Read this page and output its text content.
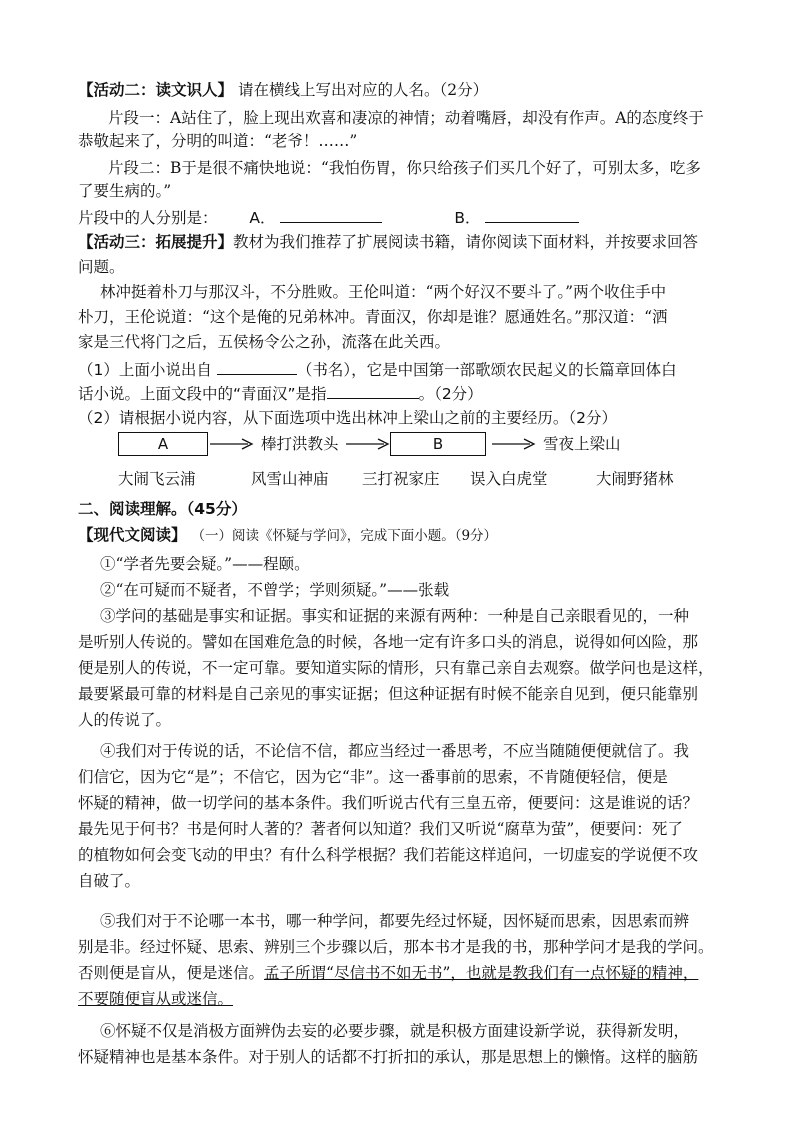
【活动二：读文识人】 请在横线上写出对应的人名。（2分）
片段一：A站住了，脸上现出欢喜和凄凉的神情；动着嘴唇，却没有作声。A的态度终于
恭敬起来了，分明的叫道：“老爷！……”
片段二：B于是很不痛快地说：“我怕伤胃，你只给孩子们买几个好了，可别太多，吃多
了要生病的。”
片段中的人分别是： A．	B．
【活动三：拓展提升】教材为我们推荐了扩展阅读书籍，请你阅读下面材料，并按要求回答
问题。
林冲挺着朴刀与那汉斗，不分胜败。王伦叫道：“两个好汉不要斗了。”两个收住手中
朴刀，王伦说道：“这个是俺的兄弟林冲。青面汉，你却是谁？愿通姓名。”那汉道：“洒
家是三代将门之后，五侯杨令公之孙，流落在此关西。
（1）上面小说出自	（书名），它是中国第一部歌颂农民起义的长篇章回体白
话小说。上面文段中的“青面汉”是指	。（2分）
（2）请根据小说内容，从下面选项中选出林冲上梁山之前的主要经历。（2分）
A	棒打洪教头	B	雪夜上梁山
大闹飞云浦	风雪山神庙 三打祝家庄 误入白虎堂	大闹野猪林
二、阅读理解。（45分）
【现代文阅读】 （一）阅读《怀疑与学问》，完成下面小题。（9分）
①“学者先要会疑。”——程颐。
②“在可疑而不疑者，不曾学；学则须疑。”——张载
③学问的基础是事实和证据。事实和证据的来源有两种：一种是自己亲眼看见的，一种
是听别人传说的。譬如在国难危急的时候，各地一定有许多口头的消息，说得如何凶险，那
便是别人的传说，不一定可靠。要知道实际的情形，只有靠己亲自去观察。做学问也是这样，
最要紧最可靠的材料是自己亲见的事实证据；但这种证据有时候不能亲自见到，便只能靠别
人的传说了。
④我们对于传说的话，不论信不信，都应当经过一番思考，不应当随随便便就信了。我
们信它，因为它“是”；不信它，因为它“非”。这一番事前的思索，不肯随便轻信，便是
怀疑的精神，做一切学问的基本条件。我们听说古代有三皇五帝，便要问：这是谁说的话？
最先见于何书？书是何时人著的？著者何以知道？我们又听说“腐草为萤”，便要问：死了
的植物如何会变飞动的甲虫？有什么科学根据？我们若能这样追问，一切虚妄的学说便不攻
自破了。
⑤我们对于不论哪一本书，哪一种学问，都要先经过怀疑，因怀疑而思索，因思索而辨
别是非。经过怀疑、思索、辨别三个步骤以后，那本书才是我的书，那种学问才是我的学问。
否则便是盲从，便是迷信。孟子所谓“尽信书不如无书”，也就是教我们有一点怀疑的精神，
不要随便盲从或迷信。
⑥怀疑不仅是消极方面辨伪去妄的必要步骤，就是积极方面建设新学说，获得新发明，
怀疑精神也是基本条件。对于别人的话都不打折扣的承认，那是思想上的懒惰。这样的脑筋
